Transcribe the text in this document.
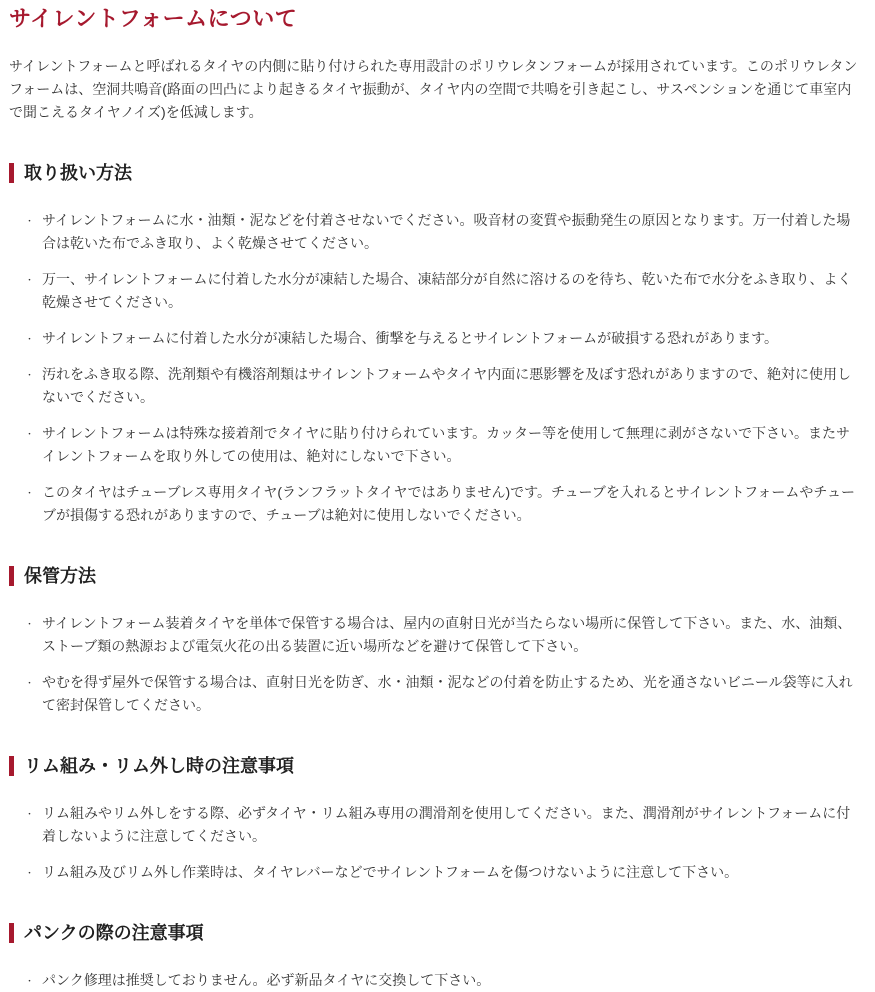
サイレントフォームについて

サイレントフォームと呼ばれるタイヤの内側に貼り付けられた専用設計のポリウレタンフォームが採用されています。このポリウレタンフォームは、空洞共鳴音(路面の凹凸により起きるタイヤ振動が、タイヤ内の空間で共鳴を引き起こし、サスペンションを通じて車室内で聞こえるタイヤノイズ)を低減します。

取り扱い方法
・ サイレントフォームに水・油類・泥などを付着させないでください。吸音材の変質や振動発生の原因となります。万一付着した場合は乾いた布でふき取り、よく乾燥させてください。
・ 万一、サイレントフォームに付着した水分が凍結した場合、凍結部分が自然に溶けるのを待ち、乾いた布で水分をふき取り、よく乾燥させてください。
・ サイレントフォームに付着した水分が凍結した場合、衝撃を与えるとサイレントフォームが破損する恐れがあります。
・ 汚れをふき取る際、洗剤類や有機溶剤類はサイレントフォームやタイヤ内面に悪影響を及ぼす恐れがありますので、絶対に使用しないでください。
・ サイレントフォームは特殊な接着剤でタイヤに貼り付けられています。カッター等を使用して無理に剥がさないで下さい。またサイレントフォームを取り外しての使用は、絶対にしないで下さい。
・ このタイヤはチューブレス専用タイヤ(ランフラットタイヤではありません)です。チューブを入れるとサイレントフォームやチューブが損傷する恐れがありますので、チューブは絶対に使用しないでください。
保管方法
・ サイレントフォーム装着タイヤを単体で保管する場合は、屋内の直射日光が当たらない場所に保管して下さい。また、水、油類、ストーブ類の熱源および電気火花の出る装置に近い場所などを避けて保管して下さい。
・ やむを得ず屋外で保管する場合は、直射日光を防ぎ、水・油類・泥などの付着を防止するため、光を通さないビニール袋等に入れて密封保管してください。
リム組み・リム外し時の注意事項
・ リム組みやリム外しをする際、必ずタイヤ・リム組み専用の潤滑剤を使用してください。また、潤滑剤がサイレントフォームに付着しないように注意してください。
・ リム組み及びリム外し作業時は、タイヤレバーなどでサイレントフォームを傷つけないように注意して下さい。
パンクの際の注意事項
・ パンク修理は推奨しておりません。必ず新品タイヤに交換して下さい。
